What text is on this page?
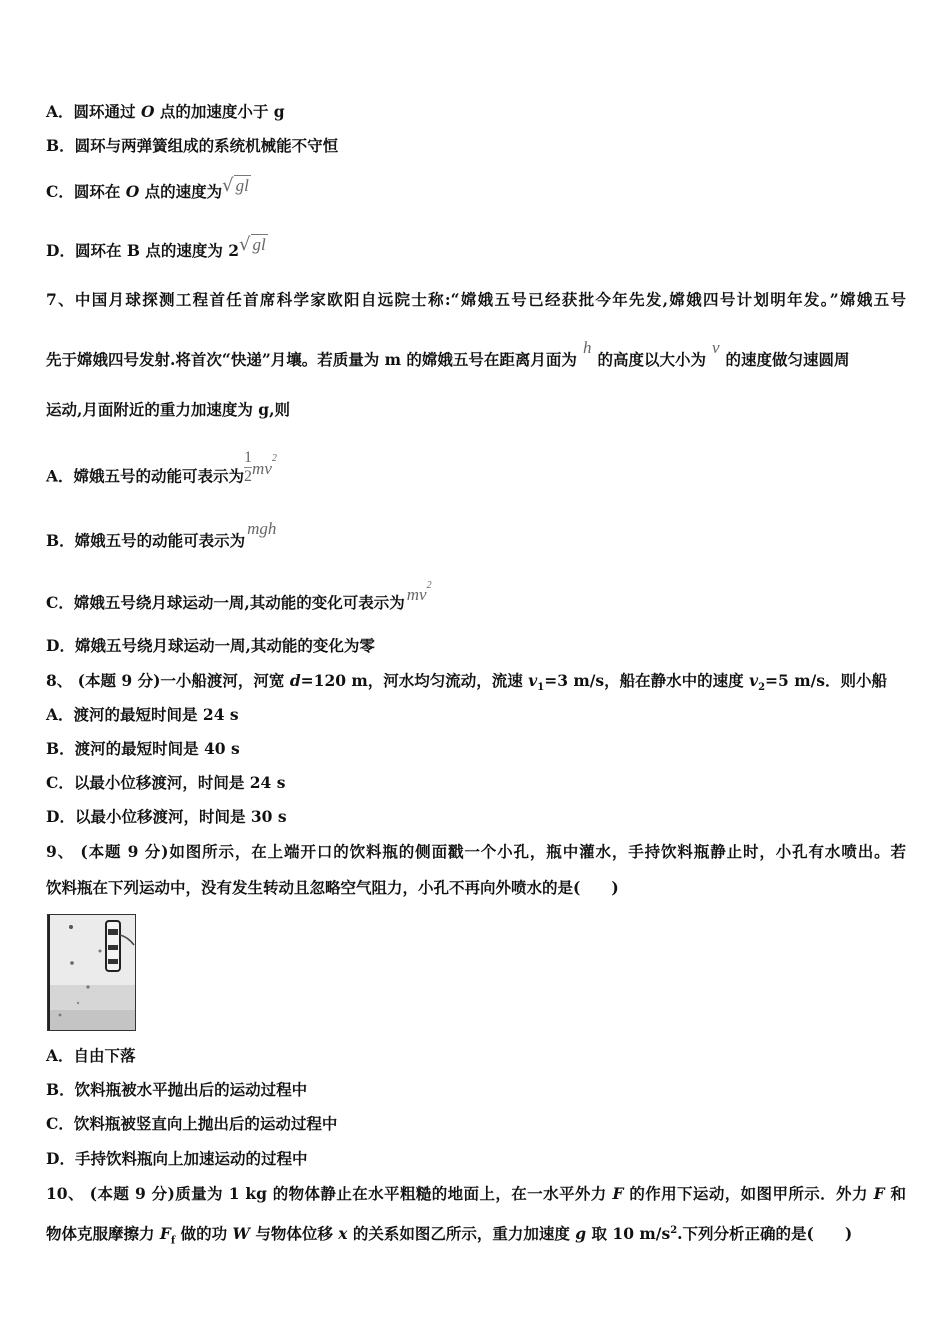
A．圆环通过 O 点的加速度小于 g
B．圆环与两弹簧组成的系统机械能不守恒
C．圆环在 O 点的速度为√ gl
D．圆环在 B 点的速度为 2√ gl
7、中国月球探测工程首任首席科学家欧阳自远院士称:“嫦娥五号已经获批今年先发,嫦娥四号计划明年发。”嫦娥五号
先于嫦娥四号发射.将首次“快递”月壤。若质量为 m 的嫦娥五号在距离月面为h的高度以大小为v的速度做匀速圆周
运动,月面附近的重力加速度为 g,则
A．嫦娥五号的动能可表示为 $\frac{1}{2} mv^2$
B．嫦娥五号的动能可表示为mgh
C．嫦娥五号绕月球运动一周,其动能的变化可表示为 $mv^2$
D．嫦娥五号绕月球运动一周,其动能的变化为零
8、 (本题 9 分)一小船渡河，河宽 d=120 m，河水均匀流动，流速 $v_1=3$ m/s，船在静水中的速度 $v_2=5$ m/s．则小船
A．渡河的最短时间是 24 s
B．渡河的最短时间是 40 s
C．以最小位移渡河，时间是 24 s
D．以最小位移渡河，时间是 30 s
9、 (本题 9 分)如图所示，在上端开口的饮料瓶的侧面戳一个小孔，瓶中灌水，手持饮料瓶静止时，小孔有水喷出。若
饮料瓶在下列运动中，没有发生转动且忽略空气阻力，小孔不再向外喷水的是(　　)
A．自由下落
B．饮料瓶被水平抛出后的运动过程中
C．饮料瓶被竖直向上抛出后的运动过程中
D．手持饮料瓶向上加速运动的过程中
10、 (本题 9 分)质量为 1 kg 的物体静止在水平粗糙的地面上，在一水平外力 F 的作用下运动，如图甲所示．外力 F 和
物体克服摩擦力 $F_f$ 做的功 W 与物体位移 x 的关系如图乙所示，重力加速度 g 取 10 $m/s^2$.下列分析正确的是(　　)
